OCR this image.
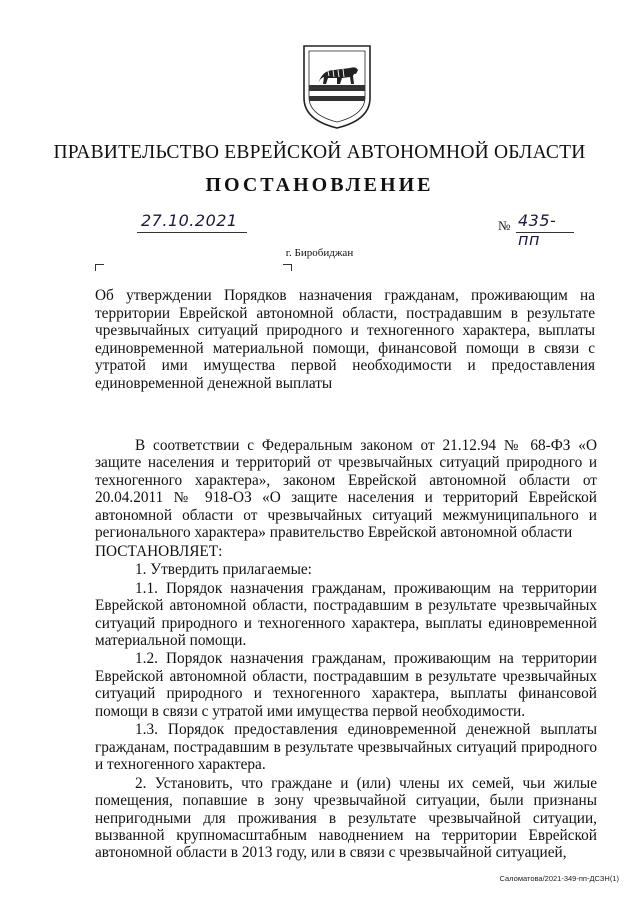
ПРАВИТЕЛЬСТВО ЕВРЕЙСКОЙ АВТОНОМНОЙ ОБЛАСТИ
ПОСТАНОВЛЕНИЕ
27.10.2021	№ 435-пп
г. Биробиджан
Об утверждении Порядков назначения гражданам, проживающим на территории Еврейской автономной области, пострадавшим в результате чрезвычайных ситуаций природного и техногенного характера, выплаты единовременной материальной помощи, финансовой помощи в связи с утратой ими имущества первой необходимости и предоставления единовременной денежной выплаты

В соответствии с Федеральным законом от 21.12.94 № 68-ФЗ «О защите населения и территорий от чрезвычайных ситуаций природного и техногенного характера», законом Еврейской автономной области от 20.04.2011 № 918-ОЗ «О защите населения и территорий Еврейской автономной области от чрезвычайных ситуаций межмуниципального и регионального характера» правительство Еврейской автономной области

ПОСТАНОВЛЯЕТ:

1. Утвердить прилагаемые:

1.1. Порядок назначения гражданам, проживающим на территории Еврейской автономной области, пострадавшим в результате чрезвычайных ситуаций природного и техногенного характера, выплаты единовременной материальной помощи.

1.2. Порядок назначения гражданам, проживающим на территории Еврейской автономной области, пострадавшим в результате чрезвычайных ситуаций природного и техногенного характера, выплаты финансовой помощи в связи с утратой ими имущества первой необходимости.

1.3. Порядок предоставления единовременной денежной выплаты гражданам, пострадавшим в результате чрезвычайных ситуаций природного и техногенного характера.

2. Установить, что граждане и (или) члены их семей, чьи жилые помещения, попавшие в зону чрезвычайной ситуации, были признаны непригодными для проживания в результате чрезвычайной ситуации, вызванной крупномасштабным наводнением на территории Еврейской автономной области в 2013 году, или в связи с чрезвычайной ситуацией,

Саломатова/2021-349-пп-ДСЗН(1)
